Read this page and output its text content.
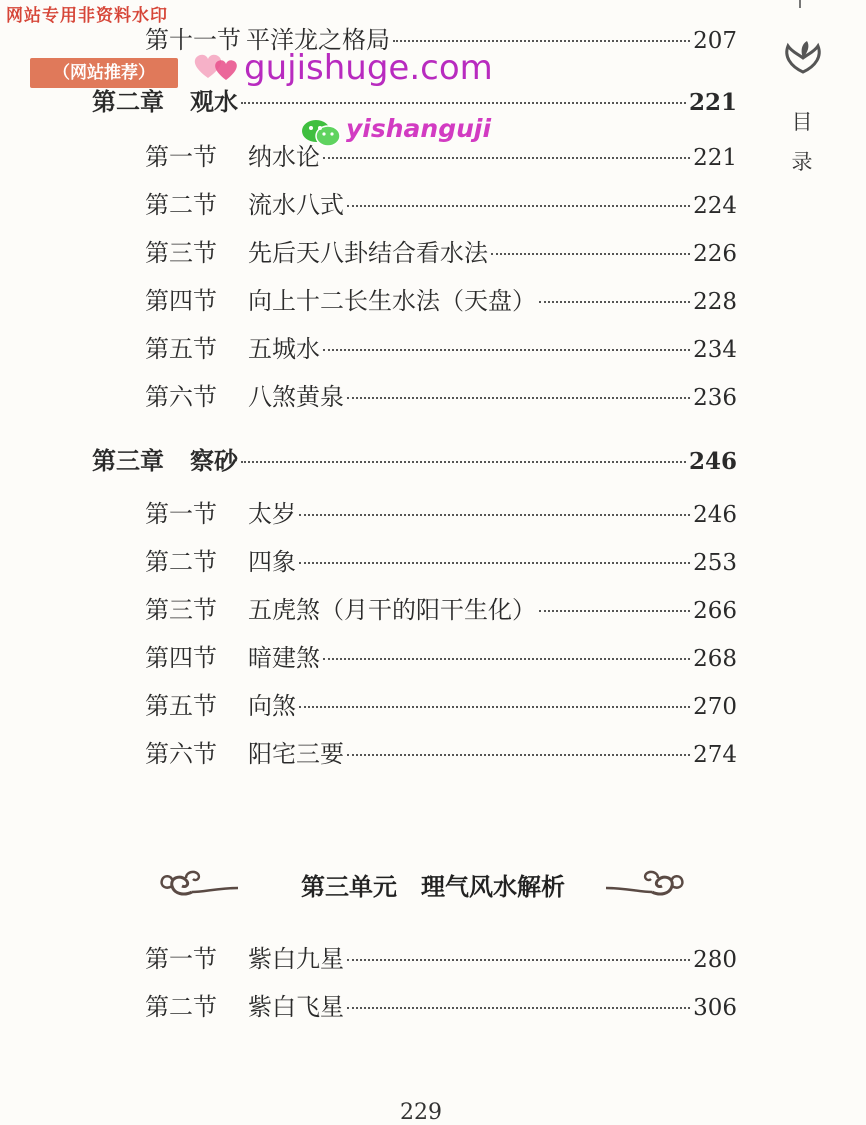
网站专用非资料水印
（网站推荐）	gujishuge.com
yishanguji	目录
第十一节 平洋龙之格局	207
第二章	观水	221
第一节	纳水论	221
第二节	流水八式	224
第三节	先后天八卦结合看水法	226
第四节	向上十二长生水法（天盘）	228
第五节	五城水	234
第六节	八煞黄泉	236
第三章	察砂	246
第一节	太岁	246
第二节	四象	253
第三节	五虎煞（月干的阳干生化）	266
第四节	暗建煞	268
第五节	向煞	270
第六节	阳宅三要	274
第三单元　理气风水解析
第一节	紫白九星	280
第二节	紫白飞星	306
229
